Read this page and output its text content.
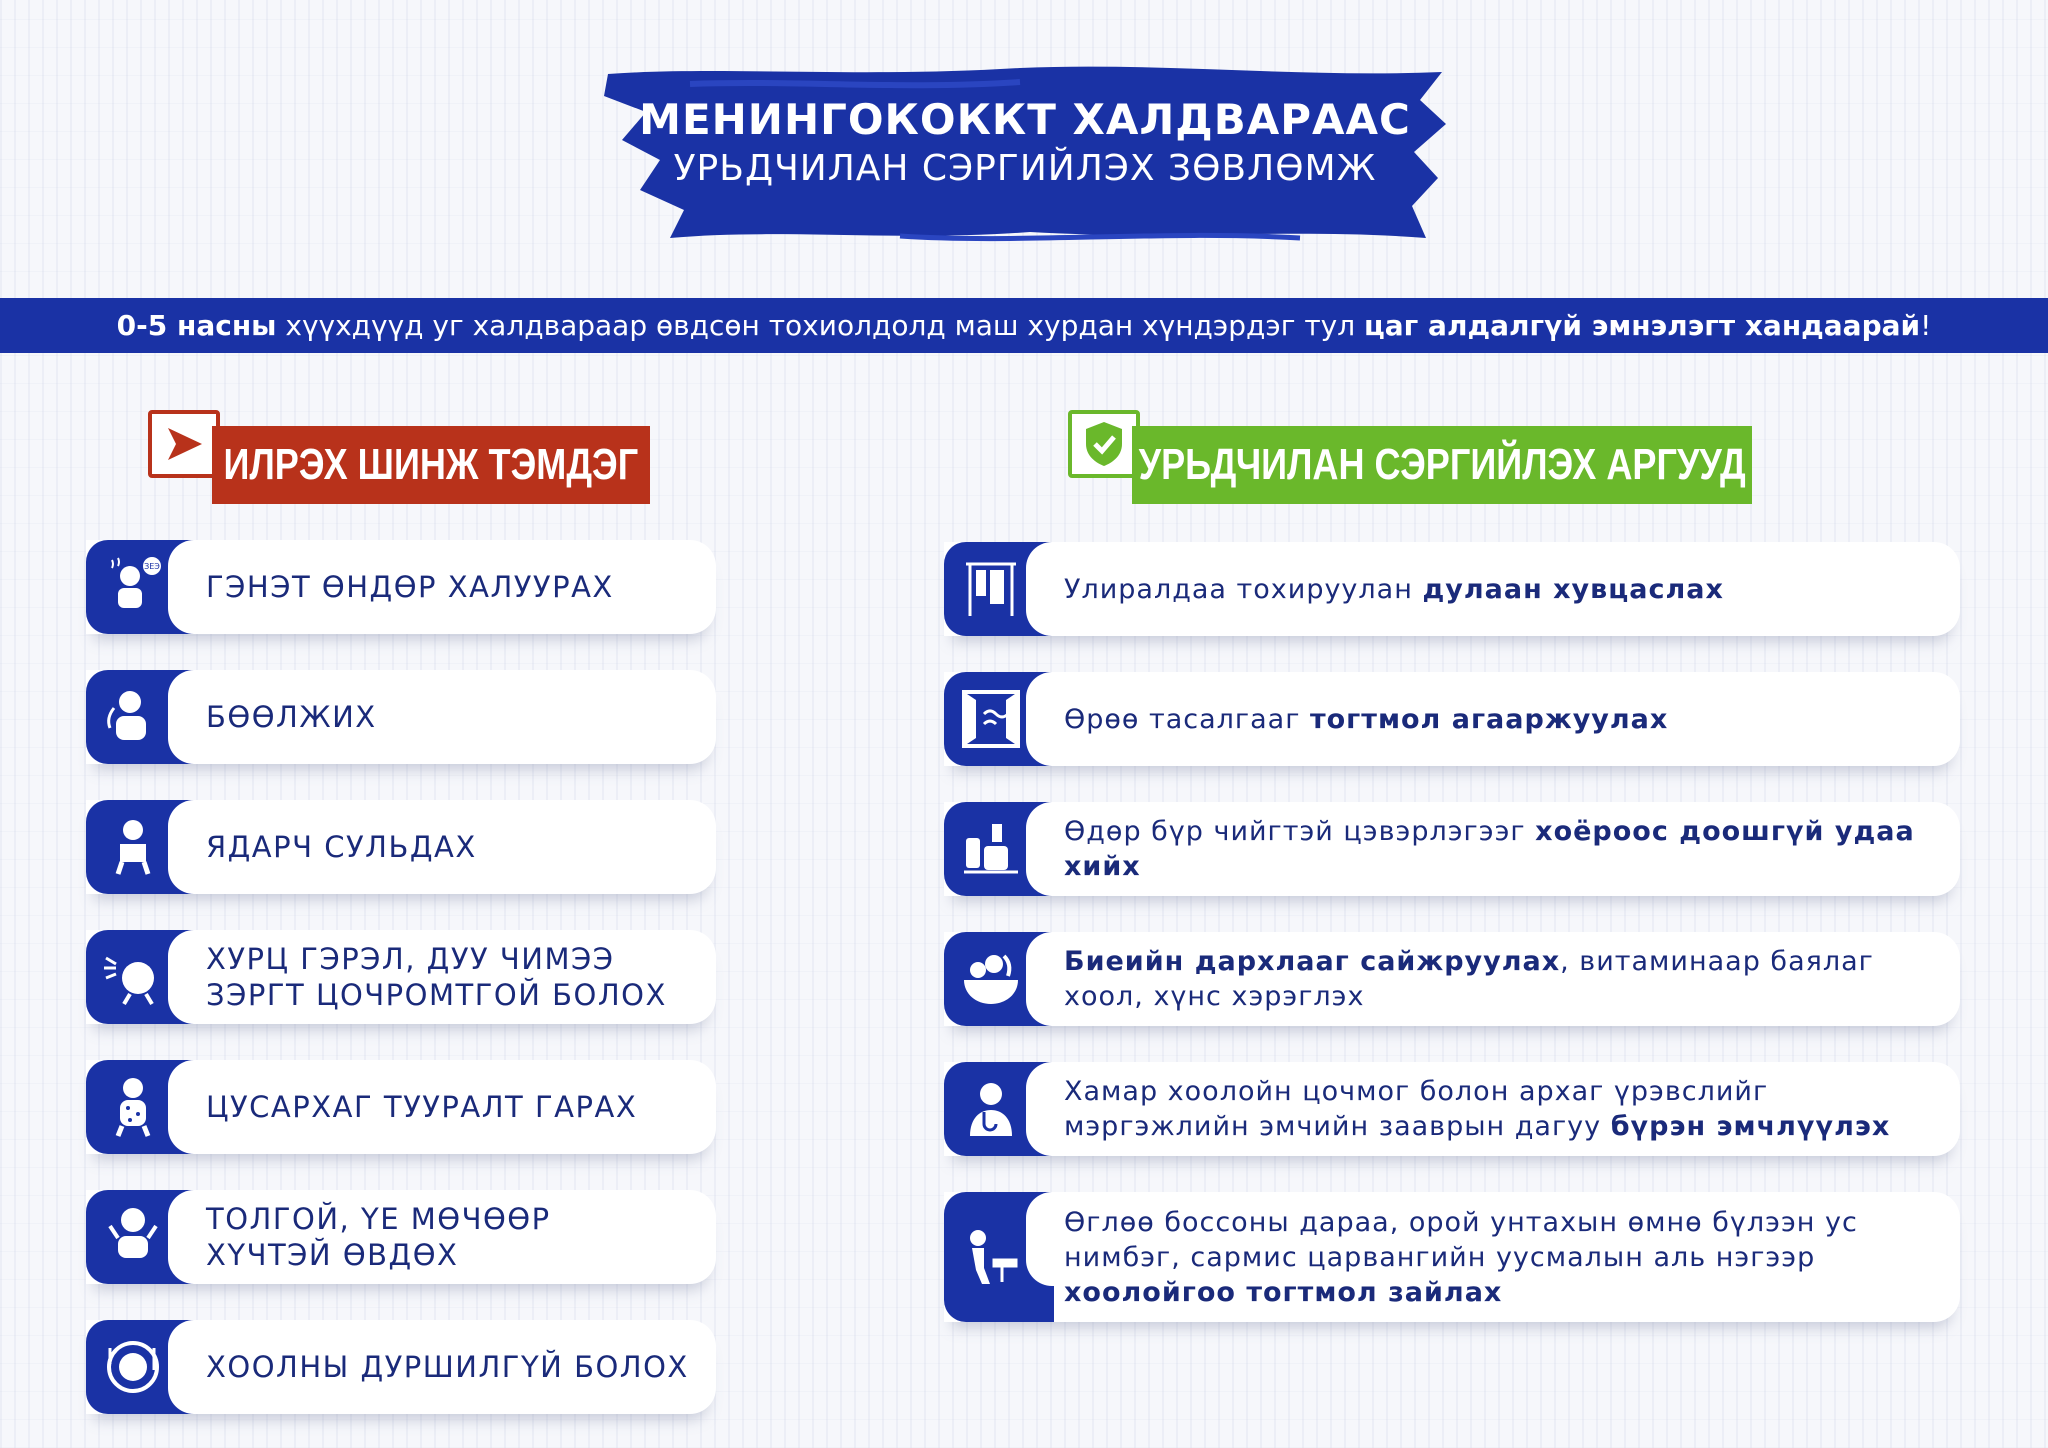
МЕНИНГОКОККТ ХАЛДВАРААС
УРЬДЧИЛАН СЭРГИЙЛЭХ ЗӨВЛӨМЖ
0-5 насны хүүхдүүд уг халдвараар өвдсөн тохиолдолд маш хурдан хүндэрдэг тул цаг алдалгүй эмнэлэгт хандаарай!
ИЛРЭХ ШИНЖ ТЭМДЭГ	УРЬДЧИЛАН СЭРГИЙЛЭХ АРГУУД
ЗЕЭ
ГЭНЭТ ӨНДӨР ХАЛУУРАХ
БӨӨЛЖИХ
ЯДАРЧ СУЛЬДАХ
ХУРЦ ГЭРЭЛ, ДУУ ЧИМЭЭ
ЗЭРГТ ЦОЧРОМТГОЙ БОЛОХ
ЦУСАРХАГ ТУУРАЛТ ГАРАХ
ТОЛГОЙ, ҮЕ МӨЧӨӨР
ХҮЧТЭЙ ӨВДӨХ
ХООЛНЫ ДУРШИЛГҮЙ БОЛОХ
Улиралдаа тохируулан дулаан хувцаслах
Өрөө тасалгааг тогтмол агааржуулах
Өдөр бүр чийгтэй цэвэрлэгээг хоёроос доошгүй удаа хийх
Биеийн дархлааг сайжруулах, витаминаар баялаг хоол, хүнс хэрэглэх
Хамар хоолойн цочмог болон архаг үрэвслийг мэргэжлийн эмчийн зааврын дагуу бүрэн эмчлүүлэх
Өглөө боссоны дараа, орой унтахын өмнө бүлээн ус нимбэг, сармис царвангийн уусмалын аль нэгээр хоолойгоо тогтмол зайлах
